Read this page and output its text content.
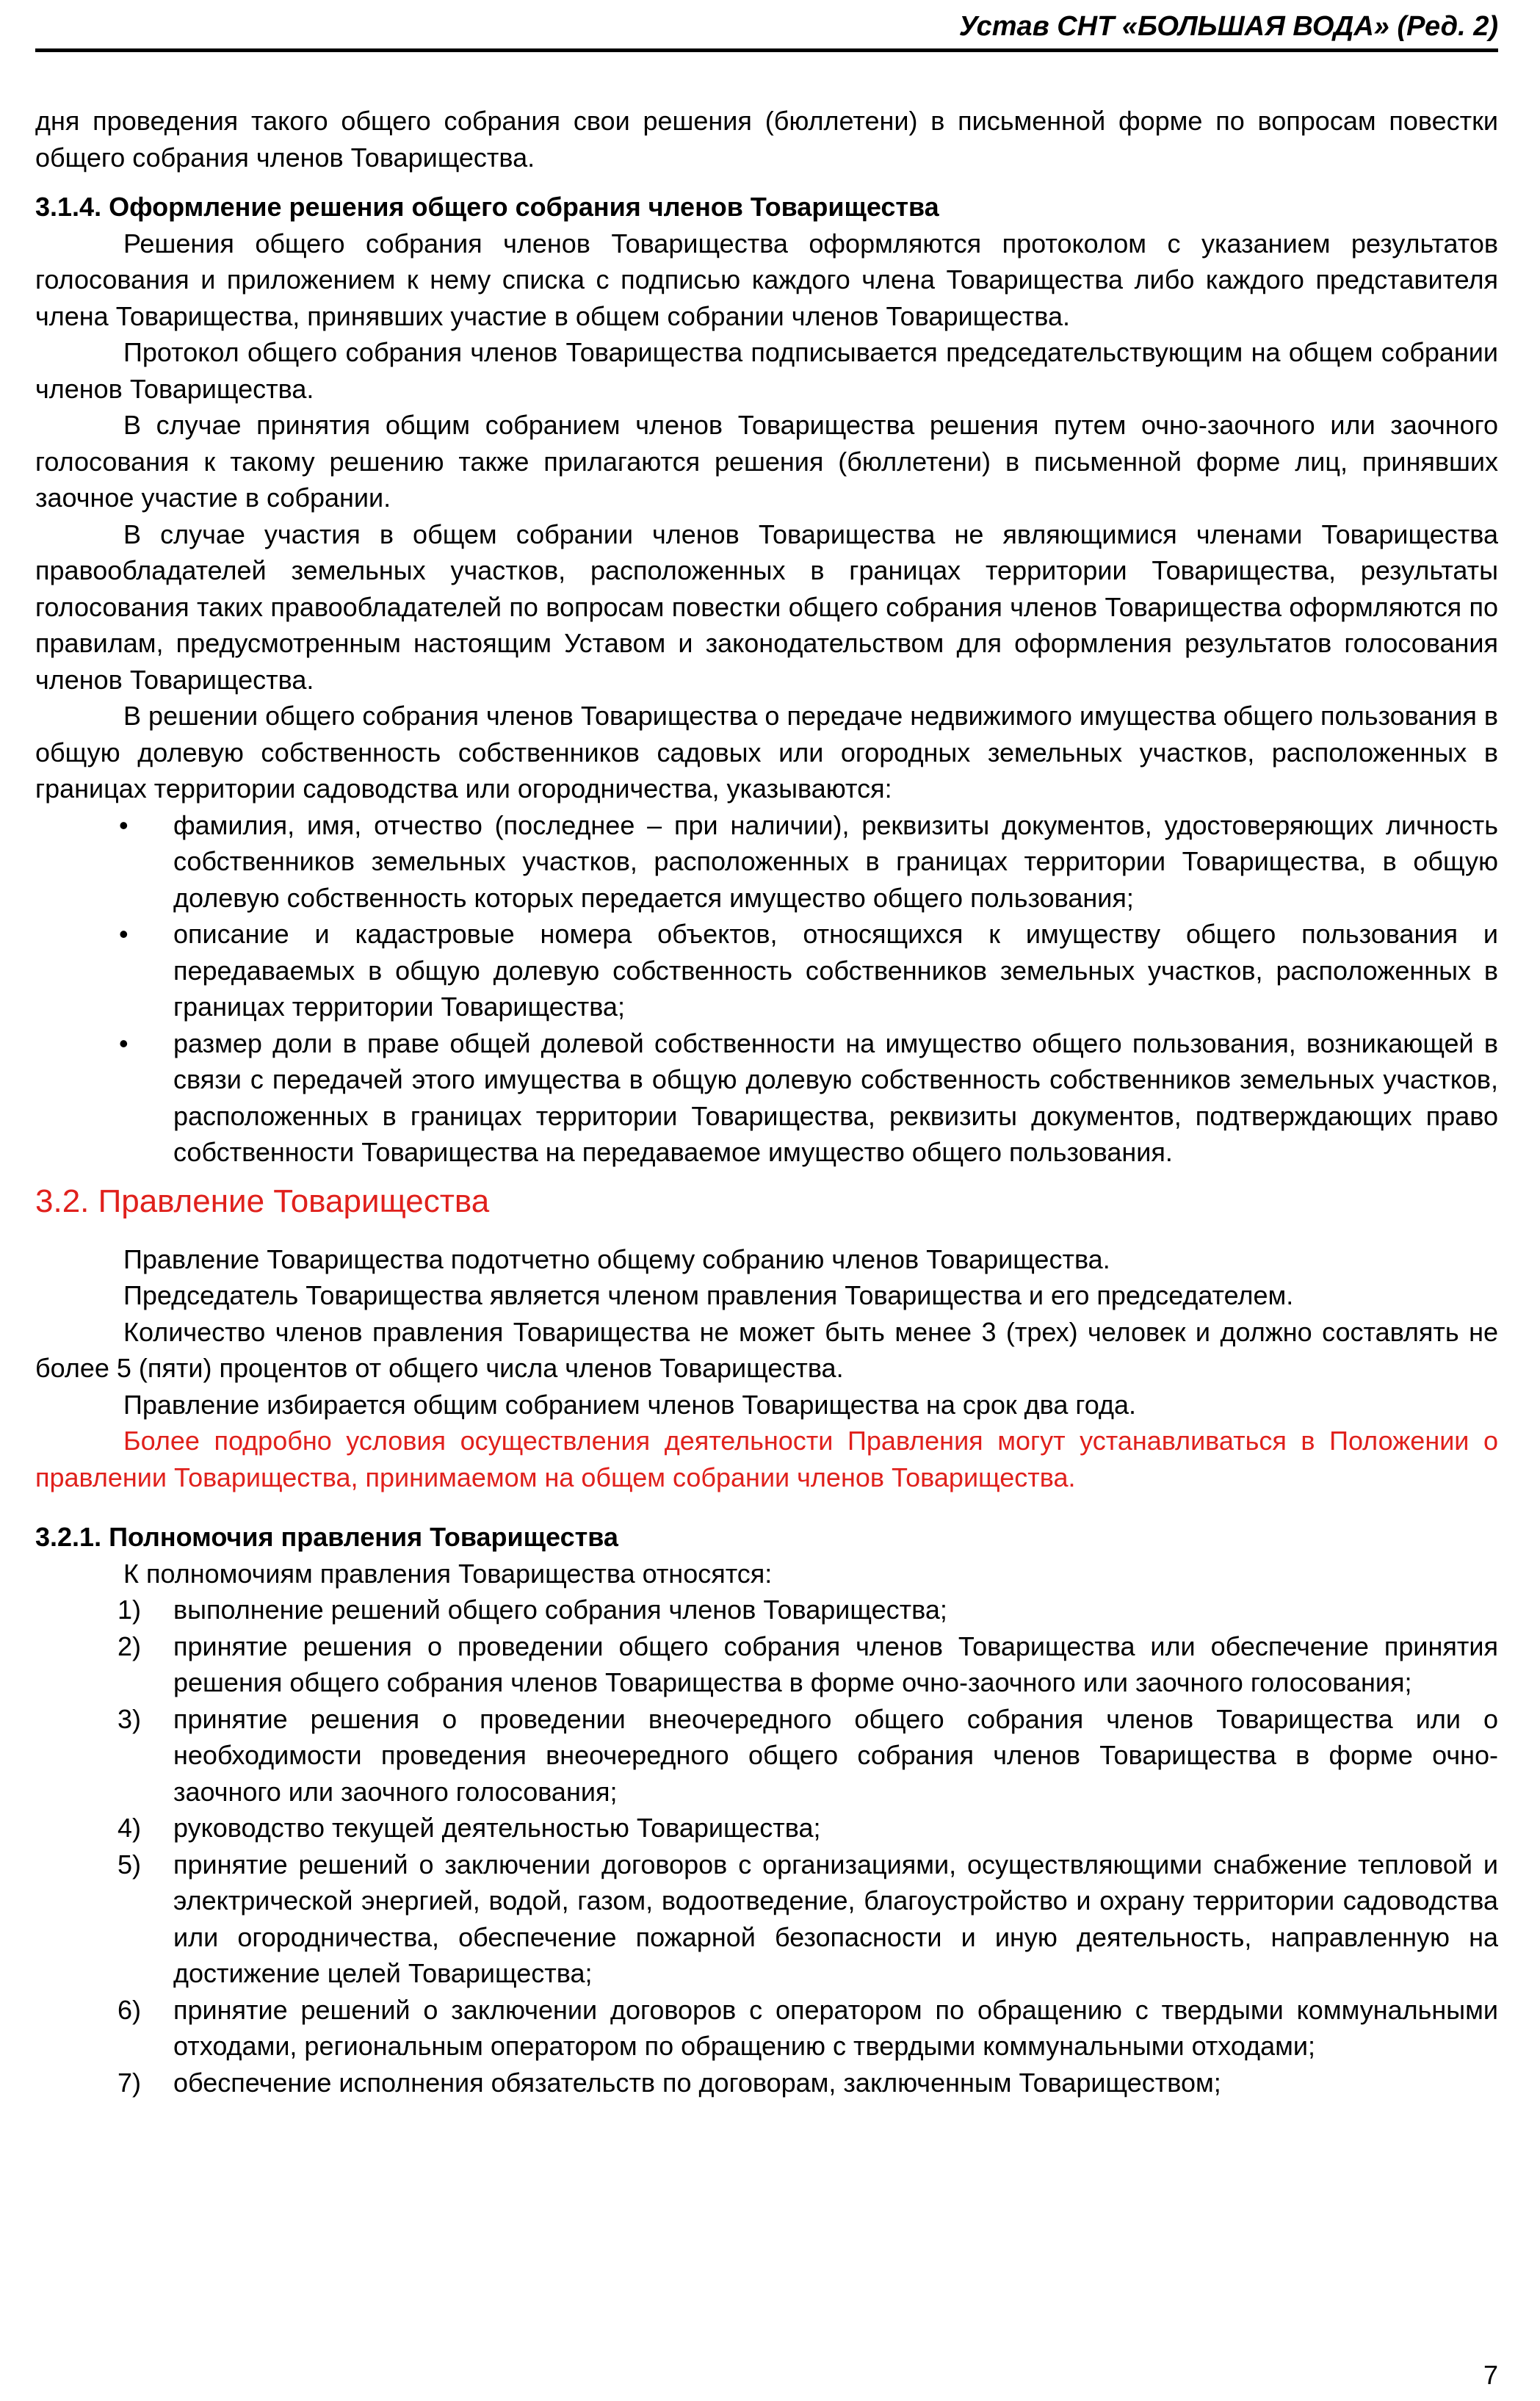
Устав СНТ «БОЛЬШАЯ ВОДА» (Ред. 2)

дня проведения такого общего собрания свои решения (бюллетени) в письменной форме по вопросам повестки общего собрания членов Товарищества.

3.1.4. Оформление решения общего собрания членов Товарищества

Решения общего собрания членов Товарищества оформляются протоколом с указанием результатов голосования и приложением к нему списка с подписью каждого члена Товарищества либо каждого представителя члена Товарищества, принявших участие в общем собрании членов Товарищества.

Протокол общего собрания членов Товарищества подписывается председательствующим на общем собрании членов Товарищества.

В случае принятия общим собранием членов Товарищества решения путем очно-заочного или заочного голосования к такому решению также прилагаются решения (бюллетени) в письменной форме лиц, принявших заочное участие в собрании.

В случае участия в общем собрании членов Товарищества не являющимися членами Товарищества правообладателей земельных участков, расположенных в границах территории Товарищества, результаты голосования таких правообладателей по вопросам повестки общего собрания членов Товарищества оформляются по правилам, предусмотренным настоящим Уставом и законодательством для оформления результатов голосования членов Товарищества.

В решении общего собрания членов Товарищества о передаче недвижимого имущества общего пользования в общую долевую собственность собственников садовых или огородных земельных участков, расположенных в границах территории садоводства или огородничества, указываются:

• фамилия, имя, отчество (последнее – при наличии), реквизиты документов, удостоверяющих личность собственников земельных участков, расположенных в границах территории Товарищества, в общую долевую собственность которых передается имущество общего пользования;
• описание и кадастровые номера объектов, относящихся к имуществу общего пользования и передаваемых в общую долевую собственность собственников земельных участков, расположенных в границах территории Товарищества;
• размер доли в праве общей долевой собственности на имущество общего пользования, возникающей в связи с передачей этого имущества в общую долевую собственность собственников земельных участков, расположенных в границах территории Товарищества, реквизиты документов, подтверждающих право собственности Товарищества на передаваемое имущество общего пользования.
3.2. Правление Товарищества

Правление Товарищества подотчетно общему собранию членов Товарищества.

Председатель Товарищества является членом правления Товарищества и его председателем.

Количество членов правления Товарищества не может быть менее 3 (трех) человек и должно составлять не более 5 (пяти) процентов от общего числа членов Товарищества.

Правление избирается общим собранием членов Товарищества на срок два года.

Более подробно условия осуществления деятельности Правления могут устанавливаться в Положении о правлении Товарищества, принимаемом на общем собрании членов Товарищества.

3.2.1. Полномочия правления Товарищества

К полномочиям правления Товарищества относятся:

1) выполнение решений общего собрания членов Товарищества;
2) принятие решения о проведении общего собрания членов Товарищества или обеспечение принятия решения общего собрания членов Товарищества в форме очно-заочного или заочного голосования;
3) принятие решения о проведении внеочередного общего собрания членов Товарищества или о необходимости проведения внеочередного общего собрания членов Товарищества в форме очно-заочного или заочного голосования;
4) руководство текущей деятельностью Товарищества;
5) принятие решений о заключении договоров с организациями, осуществляющими снабжение тепловой и электрической энергией, водой, газом, водоотведение, благоустройство и охрану территории садоводства или огородничества, обеспечение пожарной безопасности и иную деятельность, направленную на достижение целей Товарищества;
6) принятие решений о заключении договоров с оператором по обращению с твердыми коммунальными отходами, региональным оператором по обращению с твердыми коммунальными отходами;
7) обеспечение исполнения обязательств по договорам, заключенным Товариществом;
7
